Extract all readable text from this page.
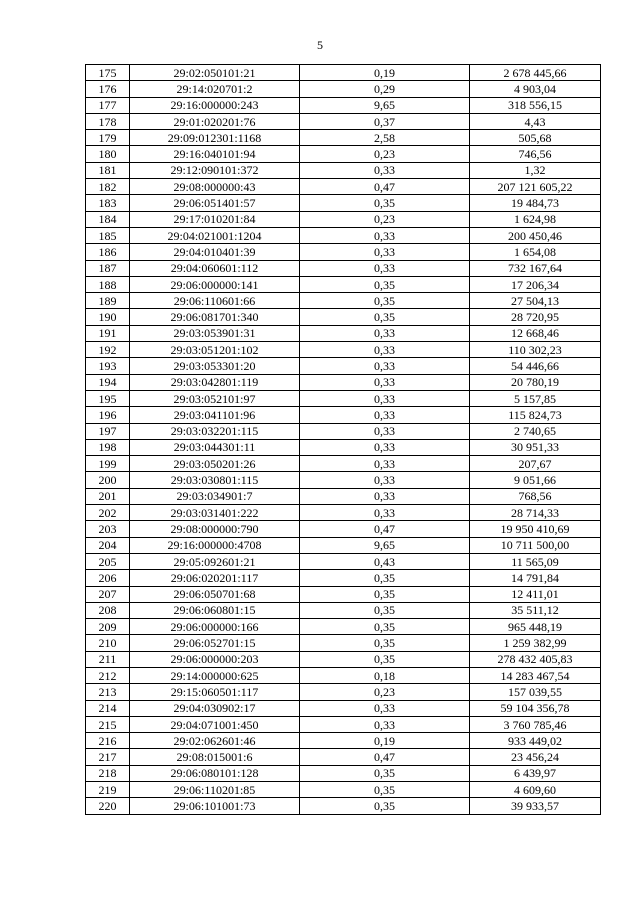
5
175	29:02:050101:21	0,19	2 678 445,66
176	29:14:020701:2	0,29	4 903,04
177	29:16:000000:243	9,65	318 556,15
178	29:01:020201:76	0,37	4,43
179	29:09:012301:1168	2,58	505,68
180	29:16:040101:94	0,23	746,56
181	29:12:090101:372	0,33	1,32
182	29:08:000000:43	0,47	207 121 605,22
183	29:06:051401:57	0,35	19 484,73
184	29:17:010201:84	0,23	1 624,98
185	29:04:021001:1204	0,33	200 450,46
186	29:04:010401:39	0,33	1 654,08
187	29:04:060601:112	0,33	732 167,64
188	29:06:000000:141	0,35	17 206,34
189	29:06:110601:66	0,35	27 504,13
190	29:06:081701:340	0,35	28 720,95
191	29:03:053901:31	0,33	12 668,46
192	29:03:051201:102	0,33	110 302,23
193	29:03:053301:20	0,33	54 446,66
194	29:03:042801:119	0,33	20 780,19
195	29:03:052101:97	0,33	5 157,85
196	29:03:041101:96	0,33	115 824,73
197	29:03:032201:115	0,33	2 740,65
198	29:03:044301:11	0,33	30 951,33
199	29:03:050201:26	0,33	207,67
200	29:03:030801:115	0,33	9 051,66
201	29:03:034901:7	0,33	768,56
202	29:03:031401:222	0,33	28 714,33
203	29:08:000000:790	0,47	19 950 410,69
204	29:16:000000:4708	9,65	10 711 500,00
205	29:05:092601:21	0,43	11 565,09
206	29:06:020201:117	0,35	14 791,84
207	29:06:050701:68	0,35	12 411,01
208	29:06:060801:15	0,35	35 511,12
209	29:06:000000:166	0,35	965 448,19
210	29:06:052701:15	0,35	1 259 382,99
211	29:06:000000:203	0,35	278 432 405,83
212	29:14:000000:625	0,18	14 283 467,54
213	29:15:060501:117	0,23	157 039,55
214	29:04:030902:17	0,33	59 104 356,78
215	29:04:071001:450	0,33	3 760 785,46
216	29:02:062601:46	0,19	933 449,02
217	29:08:015001:6	0,47	23 456,24
218	29:06:080101:128	0,35	6 439,97
219	29:06:110201:85	0,35	4 609,60
220	29:06:101001:73	0,35	39 933,57
